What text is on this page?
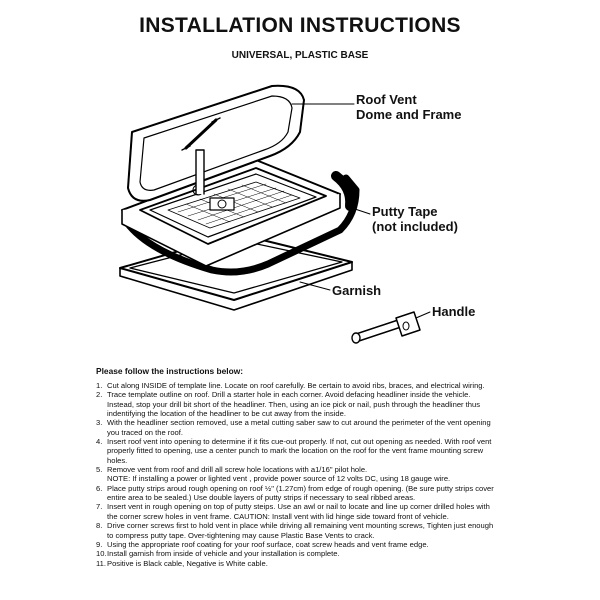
INSTALLATION INSTRUCTIONS
UNIVERSAL, PLASTIC BASE
Roof Vent
Dome and Frame
Putty Tape
(not included)
Garnish
Handle
Please follow the instructions below:
1. Cut along INSIDE of template line. Locate on roof carefully. Be certain to avoid ribs, braces, and electrical wiring.
2. Trace template outline on roof. Drill a starter hole in each corner. Avoid defacing headliner inside the vehicle.
Instead, stop your drill bit short of the headliner. Then, using an ice pick or nail, push through the headliner thus
indentifying the location of the headliner to be cut away from the inside.
3. With the headliner section removed, use a metal cutting saber saw to cut around the perimeter of the vent opening
you traced on the roof.
4. Insert roof vent into opening to determine if it fits cue-out properly. If not, cut out opening as needed. With roof vent
properly fitted to opening, use a center punch to mark the location on the roof for the vent frame mounting screw
holes.
5. Remove vent from roof and drill all screw hole locations with a1/16" pilot hole.
NOTE: If installing a power or lighted vent , provide power source of 12 volts DC, using 18 gauge wire.
6. Place putty strips aroud rough opening on roof ½" (1.27cm) from edge of rough opening. (Be sure putty strips cover
entire area to be sealed.) Use double layers of putty strips if necessary to seal ribbed areas.
7. Insert vent in rough opening on top of putty steips. Use an awl or nail to locate and line up corner drilled holes with
the corner screw holes in vent frame. CAUTION: Install vent with lid hinge side toward front of vehicle.
8. Drive corner screws first to hold vent in place while driving all remaining vent mounting screws, Tighten just enough
to compress putty tape. Over-tightening may cause Plastic Base Vents to crack.
9. Using the appropriate roof coating for your roof surface, coat screw heads and vent frame edge.
10. Install garnish from inside of vehicle and your installation is complete.
11. Positive is Black cable, Negative is White cable.
